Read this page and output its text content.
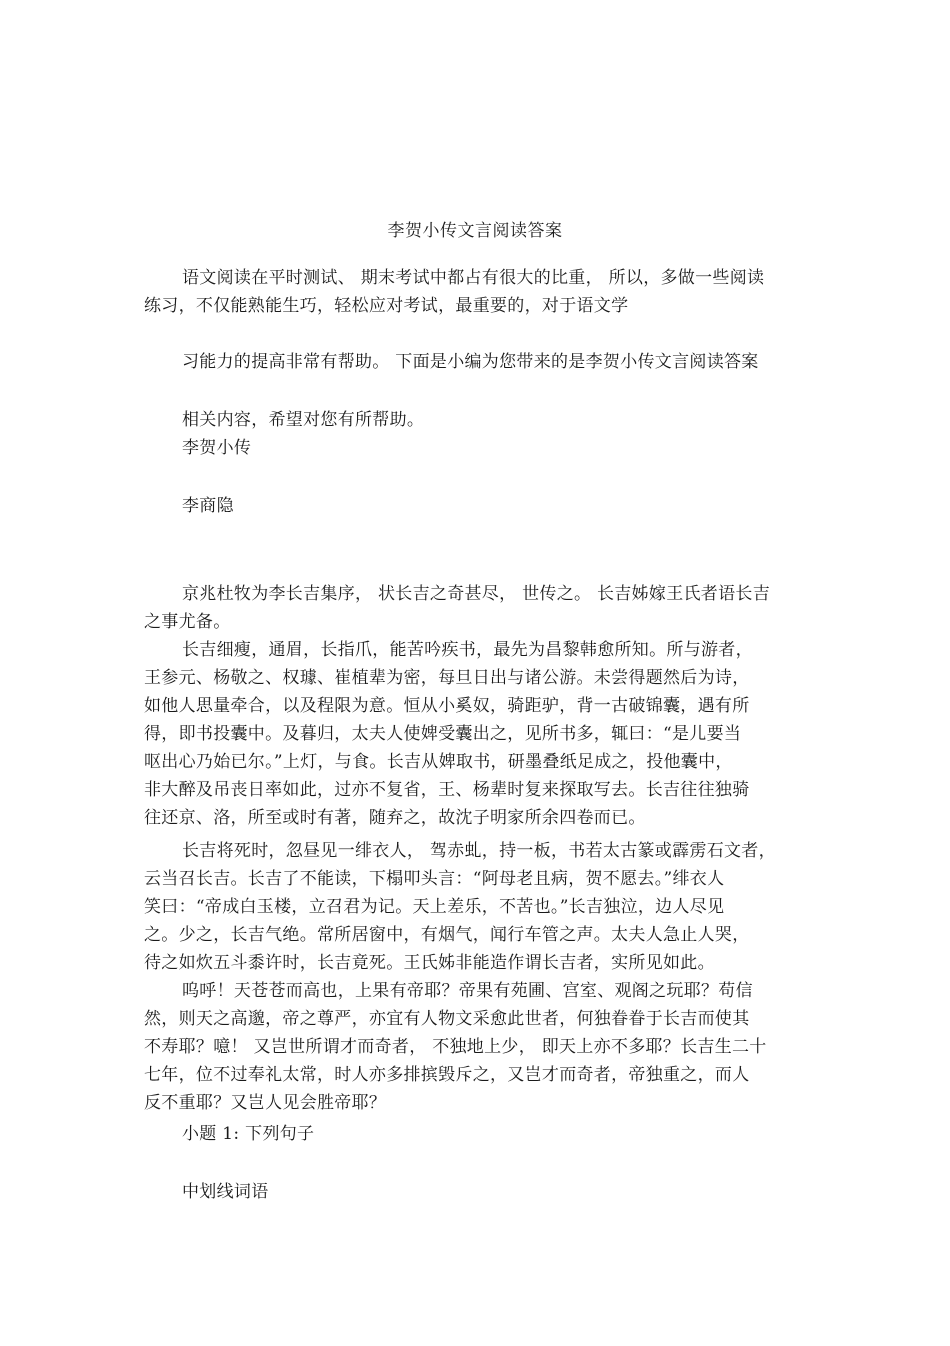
李贺小传文言阅读答案
语文阅读在平时测试、 期末考试中都占有很大的比重， 所以，多做一些阅读
练习，不仅能熟能生巧，轻松应对考试，最重要的，对于语文学
习能力的提高非常有帮助。 下面是小编为您带来的是李贺小传文言阅读答案
相关内容，希望对您有所帮助。
李贺小传
李商隐
京兆杜牧为李长吉集序， 状长吉之奇甚尽， 世传之。 长吉姊嫁王氏者语长吉
之事尤备。
长吉细瘦，通眉，长指爪，能苦吟疾书，最先为昌黎韩愈所知。所与游者，
王参元、杨敬之、权璩、崔植辈为密，每旦日出与诸公游。未尝得题然后为诗，
如他人思量牵合，以及程限为意。恒从小奚奴，骑距驴，背一古破锦囊，遇有所
得，即书投囊中。及暮归，太夫人使婢受囊出之，见所书多，辄曰：“是儿要当
呕出心乃始已尔。”上灯，与食。长吉从婢取书，研墨叠纸足成之，投他囊中，
非大醉及吊丧日率如此，过亦不复省，王、杨辈时复来探取写去。长吉往往独骑
往还京、洛，所至或时有著，随弃之，故沈子明家所余四卷而已。
长吉将死时，忽昼见一绯衣人， 驾赤虬，持一板，书若太古篆或霹雳石文者，
云当召长吉。长吉了不能读，下榻叩头言：“阿母老且病，贺不愿去。”绯衣人
笑曰：“帝成白玉楼，立召君为记。天上差乐，不苦也。”长吉独泣，边人尽见
之。少之，长吉气绝。常所居窗中，有烟气，闻行车管之声。太夫人急止人哭，
待之如炊五斗黍许时，长吉竟死。王氏姊非能造作谓长吉者，实所见如此。
呜呼！天苍苍而高也，上果有帝耶？帝果有苑圃、宫室、观阁之玩耶？苟信
然，则天之高邈，帝之尊严，亦宜有人物文采愈此世者，何独眷眷于长吉而使其
不寿耶？噫！ 又岂世所谓才而奇者， 不独地上少， 即天上亦不多耶？长吉生二十
七年，位不过奉礼太常，时人亦多排摈毁斥之，又岂才而奇者，帝独重之，而人
反不重耶？又岂人见会胜帝耶？
小题 1: 下列句子
中划线词语
